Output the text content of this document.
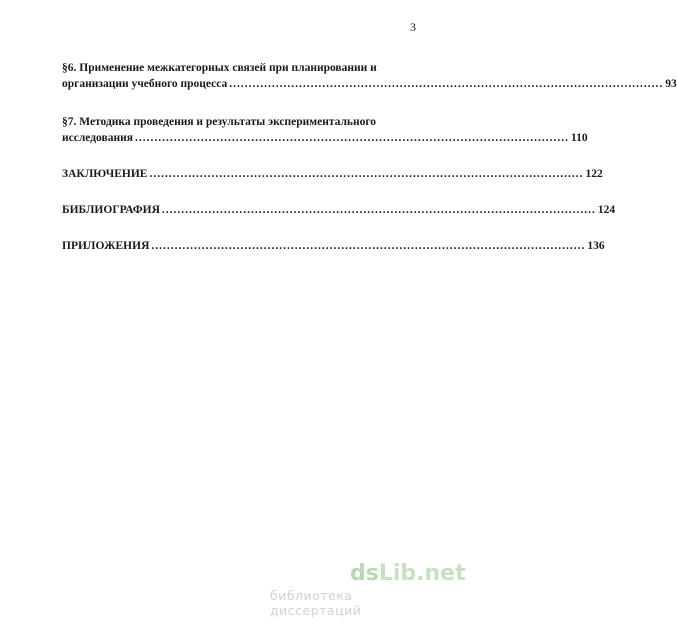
3
§6. Применение межкатегорных связей при планировании и
организации учебного процесса .....	93
§7. Методика проведения и результаты экспериментального
исследования .....	110
ЗАКЛЮЧЕНИЕ .....	122
БИБЛИОГРАФИЯ .....	124
ПРИЛОЖЕНИЯ .....	136
dsLib.net
библиотека диссертаций
